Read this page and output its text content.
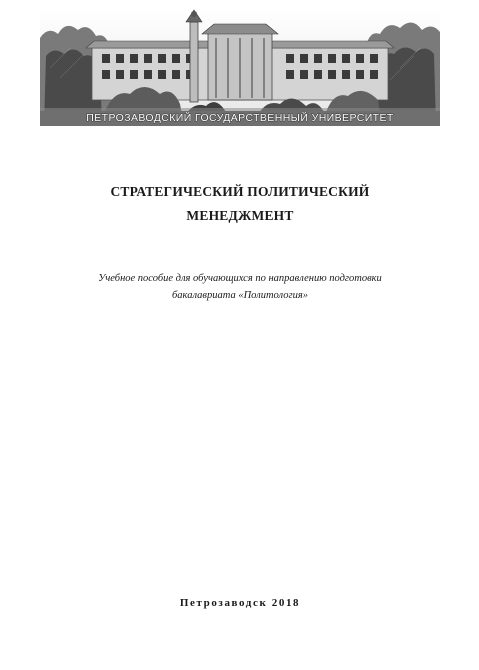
ПЕТРОЗАВОДСКИЙ ГОСУДАРСТВЕННЫЙ УНИВЕРСИТЕТ
СТРАТЕГИЧЕСКИЙ ПОЛИТИЧЕСКИЙ
МЕНЕДЖМЕНТ
Учебное пособие для обучающихся по направлению подготовки
бакалавриата «Политология»
Петрозаводск 2018
